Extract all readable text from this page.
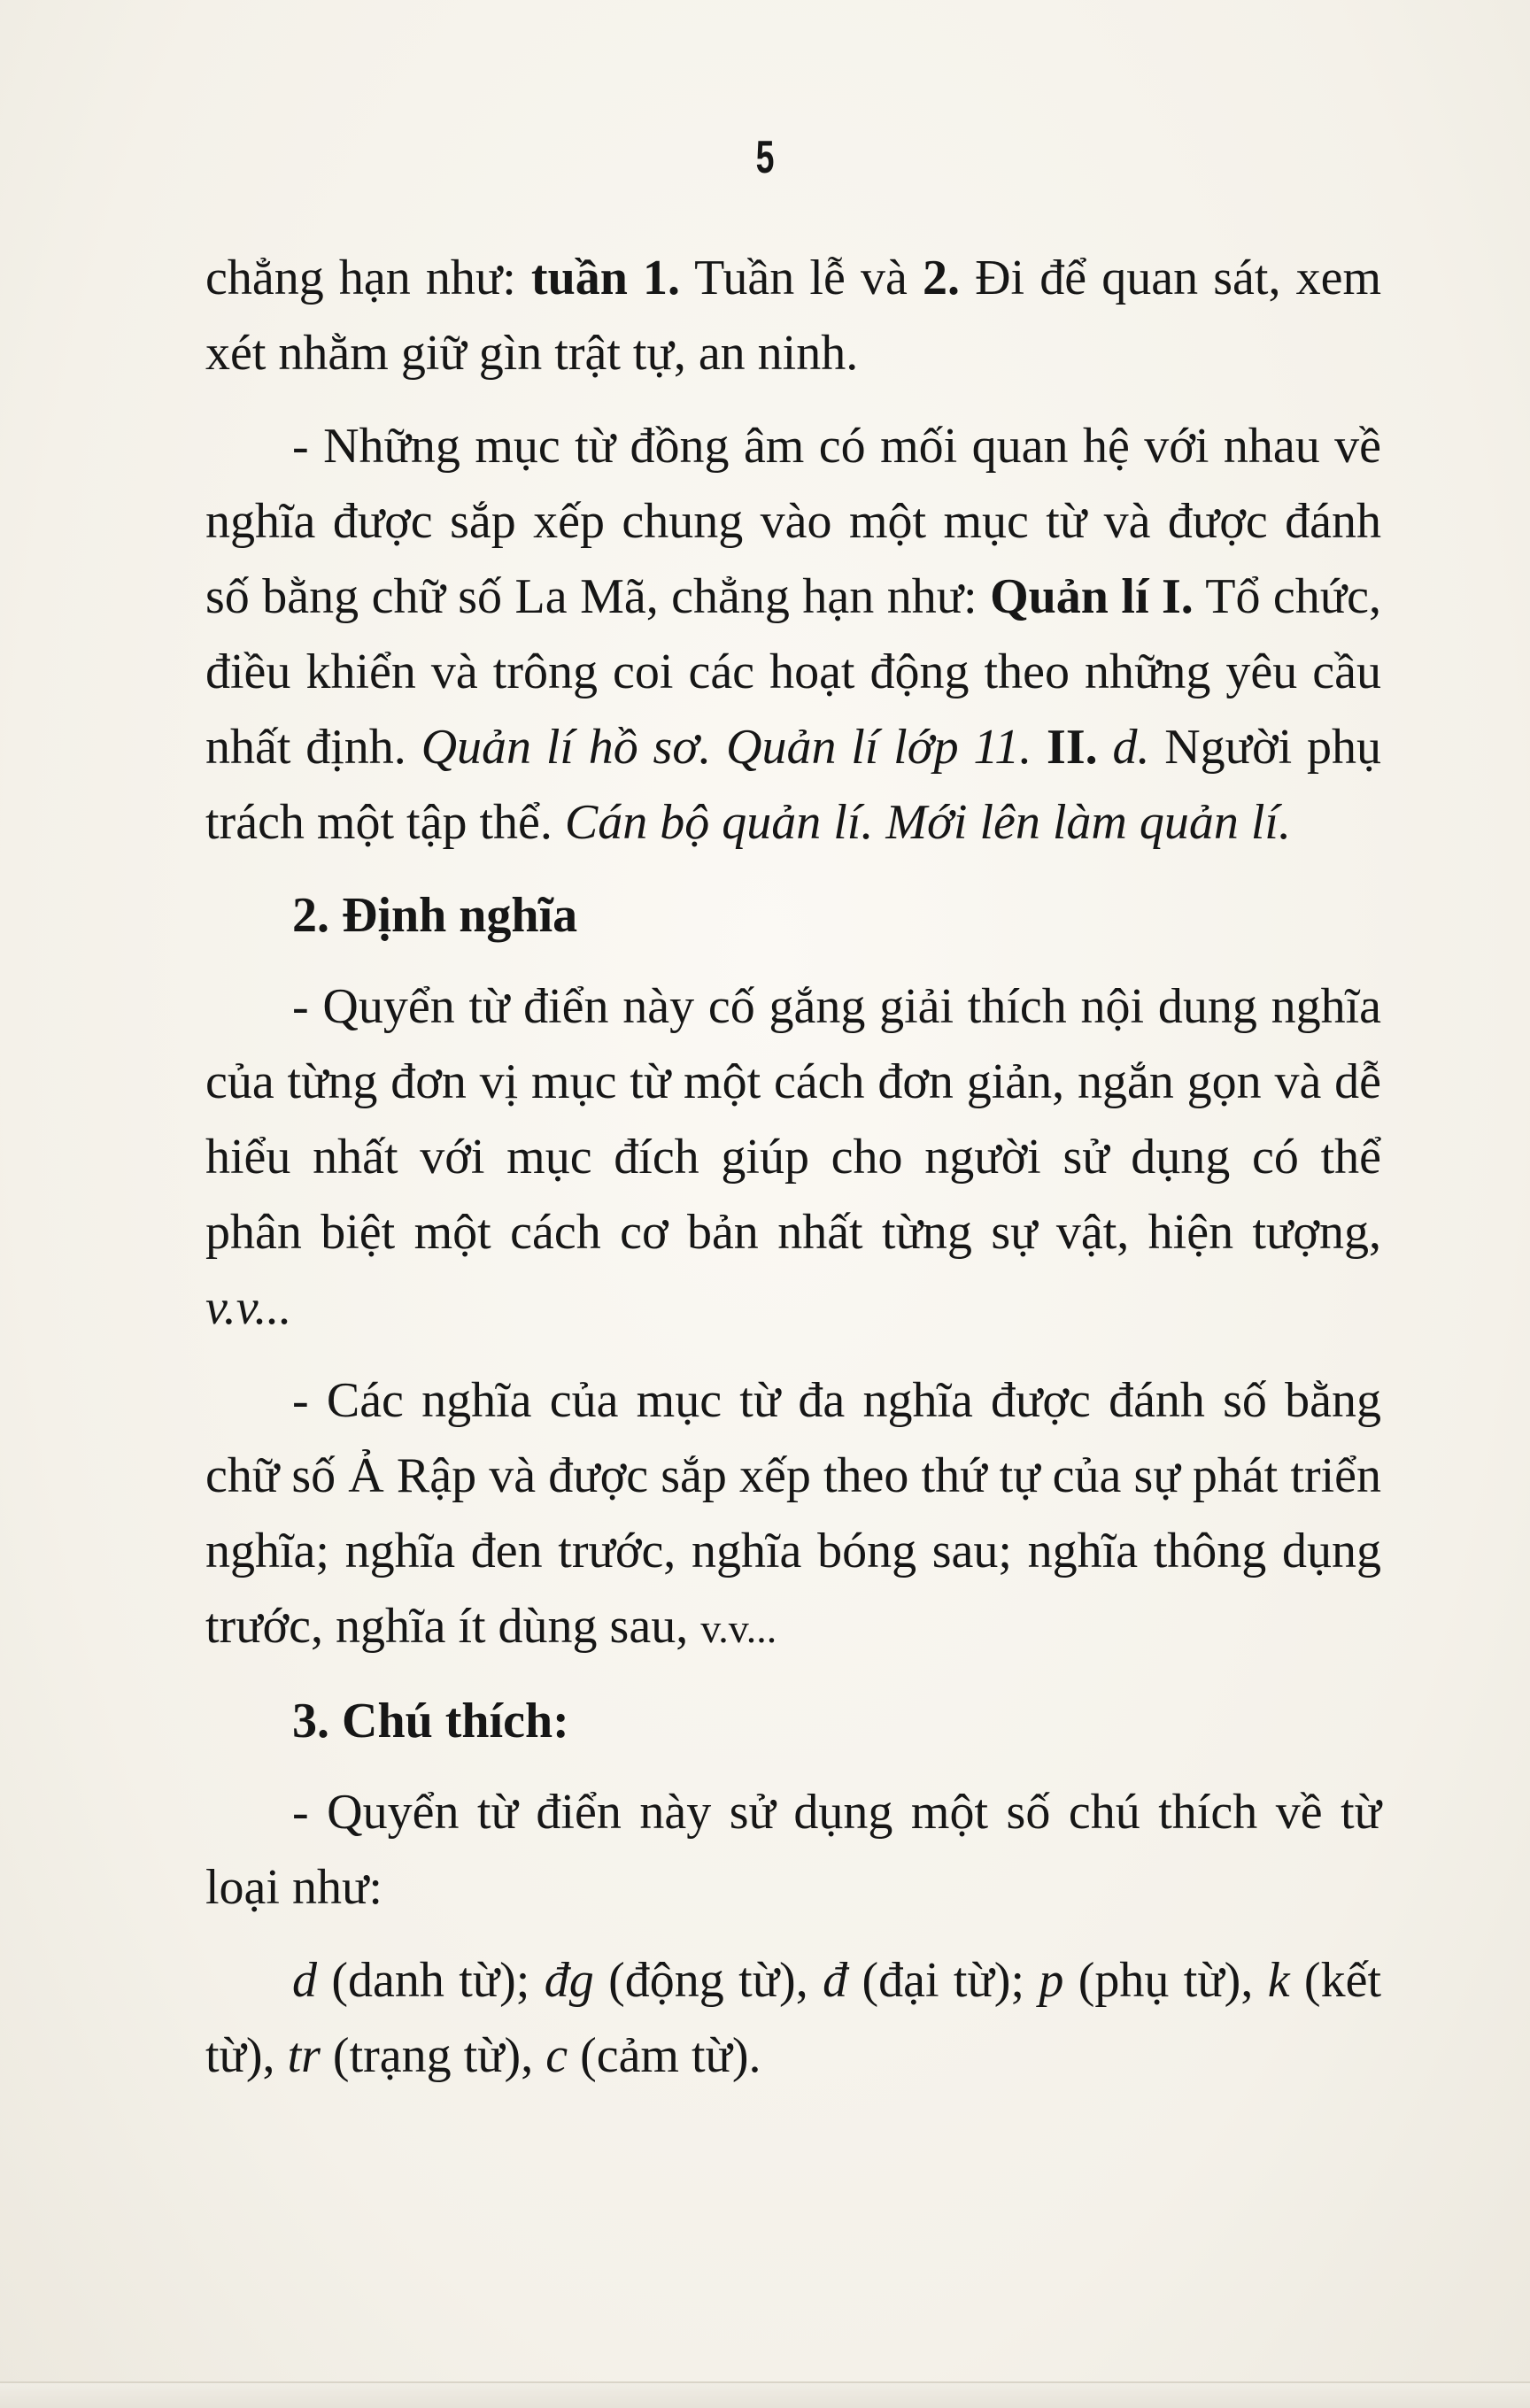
5

chẳng hạn như: tuần 1. Tuần lễ và 2. Đi để quan sát, xem xét nhằm giữ gìn trật tự, an ninh.

- Những mục từ đồng âm có mối quan hệ với nhau về nghĩa được sắp xếp chung vào một mục từ và được đánh số bằng chữ số La Mã, chẳng hạn như: Quản lí I. Tổ chức, điều khiển và trông coi các hoạt động theo những yêu cầu nhất định. Quản lí hồ sơ. Quản lí lớp 11. II. d. Người phụ trách một tập thể. Cán bộ quản lí. Mới lên làm quản lí.

2. Định nghĩa

- Quyển từ điển này cố gắng giải thích nội dung nghĩa của từng đơn vị mục từ một cách đơn giản, ngắn gọn và dễ hiểu nhất với mục đích giúp cho người sử dụng có thể phân biệt một cách cơ bản nhất từng sự vật, hiện tượng, v.v...

- Các nghĩa của mục từ đa nghĩa được đánh số bằng chữ số Ả Rập và được sắp xếp theo thứ tự của sự phát triển nghĩa; nghĩa đen trước, nghĩa bóng sau; nghĩa thông dụng trước, nghĩa ít dùng sau, v.v...

3. Chú thích:

- Quyển từ điển này sử dụng một số chú thích về từ loại như:

d (danh từ); đg (động từ), đ (đại từ); p (phụ từ), k (kết từ), tr (trạng từ), c (cảm từ).
